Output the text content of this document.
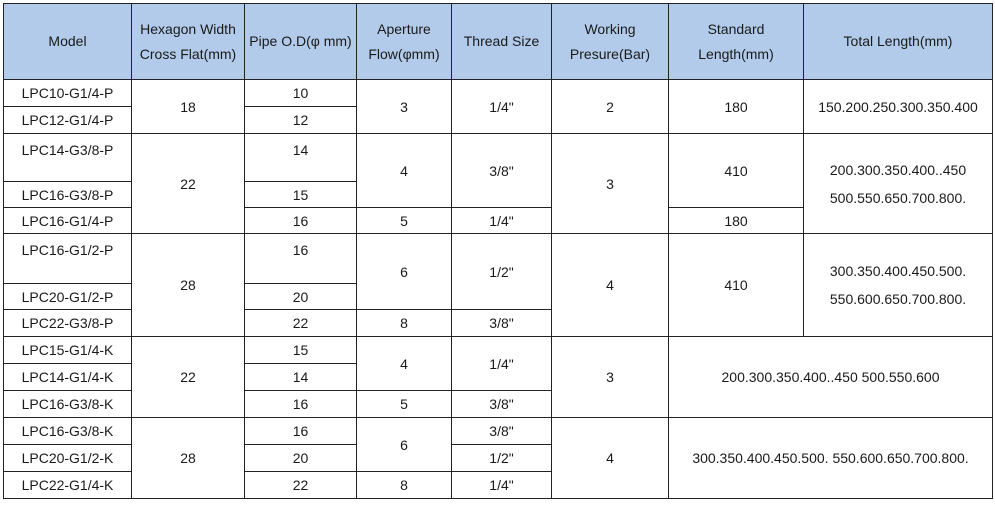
Model	Hexagon Width Cross Flat(mm)	Pipe O.D(φ mm)	Aperture Flow(φmm)	Thread Size	Working Presure(Bar)	Standard Length(mm)	Total Length(mm)
LPC10-G1/4-P	18	10	3	1/4"	2	180	150.200.250.300.350.400
LPC12-G1/4-P		12					
LPC14-G3/8-P	22	14	4	3/8"	3	410	200.300.350.400..450 500.550.650.700.800.
LPC16-G3/8-P		15					
LPC16-G1/4-P		16	5	1/4"		180	
LPC16-G1/2-P	28	16	6	1/2"	4	410	300.350.400.450.500. 550.600.650.700.800.
LPC20-G1/2-P		20					
LPC22-G3/8-P		22	8	3/8"			
LPC15-G1/4-K	22	15	4	1/4"	3	200.300.350.400..450 500.550.600	
LPC14-G1/4-K		14					
LPC16-G3/8-K		16	5	3/8"			
LPC16-G3/8-K	28	16	6	3/8"	4	300.350.400.450.500. 550.600.650.700.800.	
LPC20-G1/2-K		20		1/2"			
LPC22-G1/4-K		22	8	1/4"			
